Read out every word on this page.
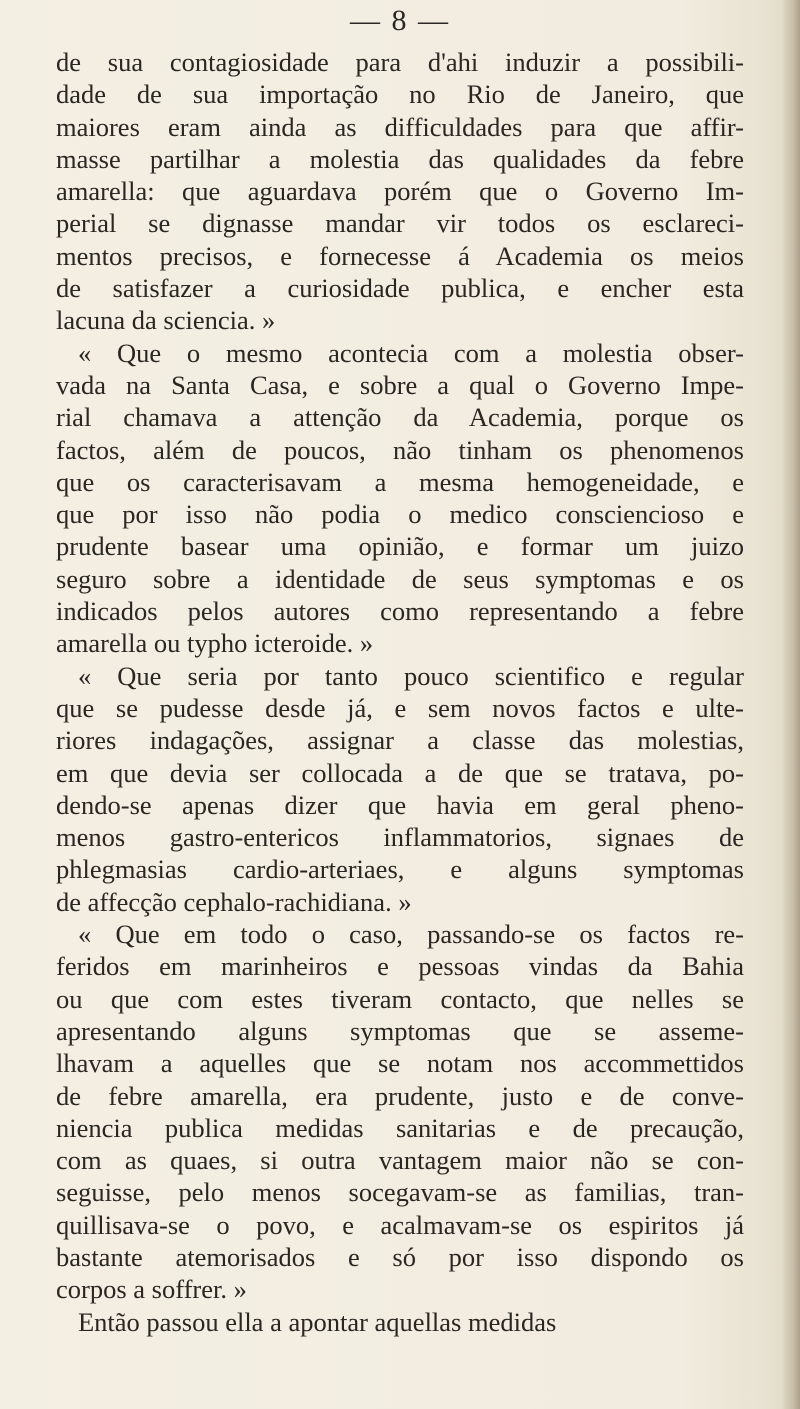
— 8 —
de sua contagiosidade para d'ahi induzir a possibili-
dade de sua importação no Rio de Janeiro, que
maiores eram ainda as difficuldades para que affir-
masse partilhar a molestia das qualidades da febre
amarella: que aguardava porém que o Governo Im-
perial se dignasse mandar vir todos os esclareci-
mentos precisos, e fornecesse á Academia os meios
de satisfazer a curiosidade publica, e encher esta
lacuna da sciencia. »
« Que o mesmo acontecia com a molestia obser-
vada na Santa Casa, e sobre a qual o Governo Impe-
rial chamava a attenção da Academia, porque os
factos, além de poucos, não tinham os phenomenos
que os caracterisavam a mesma hemogeneidade, e
que por isso não podia o medico consciencioso e
prudente basear uma opinião, e formar um juizo
seguro sobre a identidade de seus symptomas e os
indicados pelos autores como representando a febre
amarella ou typho icteroide. »
« Que seria por tanto pouco scientifico e regular
que se pudesse desde já, e sem novos factos e ulte-
riores indagações, assignar a classe das molestias,
em que devia ser collocada a de que se tratava, po-
dendo-se apenas dizer que havia em geral pheno-
menos gastro-entericos inflammatorios, signaes de
phlegmasias cardio-arteriaes, e alguns symptomas
de affecção cephalo-rachidiana. »
« Que em todo o caso, passando-se os factos re-
feridos em marinheiros e pessoas vindas da Bahia
ou que com estes tiveram contacto, que nelles se
apresentando alguns symptomas que se asseme-
lhavam a aquelles que se notam nos accommettidos
de febre amarella, era prudente, justo e de conve-
niencia publica medidas sanitarias e de precaução,
com as quaes, si outra vantagem maior não se con-
seguisse, pelo menos socegavam-se as familias, tran-
quillisava-se o povo, e acalmavam-se os espiritos já
bastante atemorisados e só por isso dispondo os
corpos a soffrer. »
Então passou ella a apontar aquellas medidas
